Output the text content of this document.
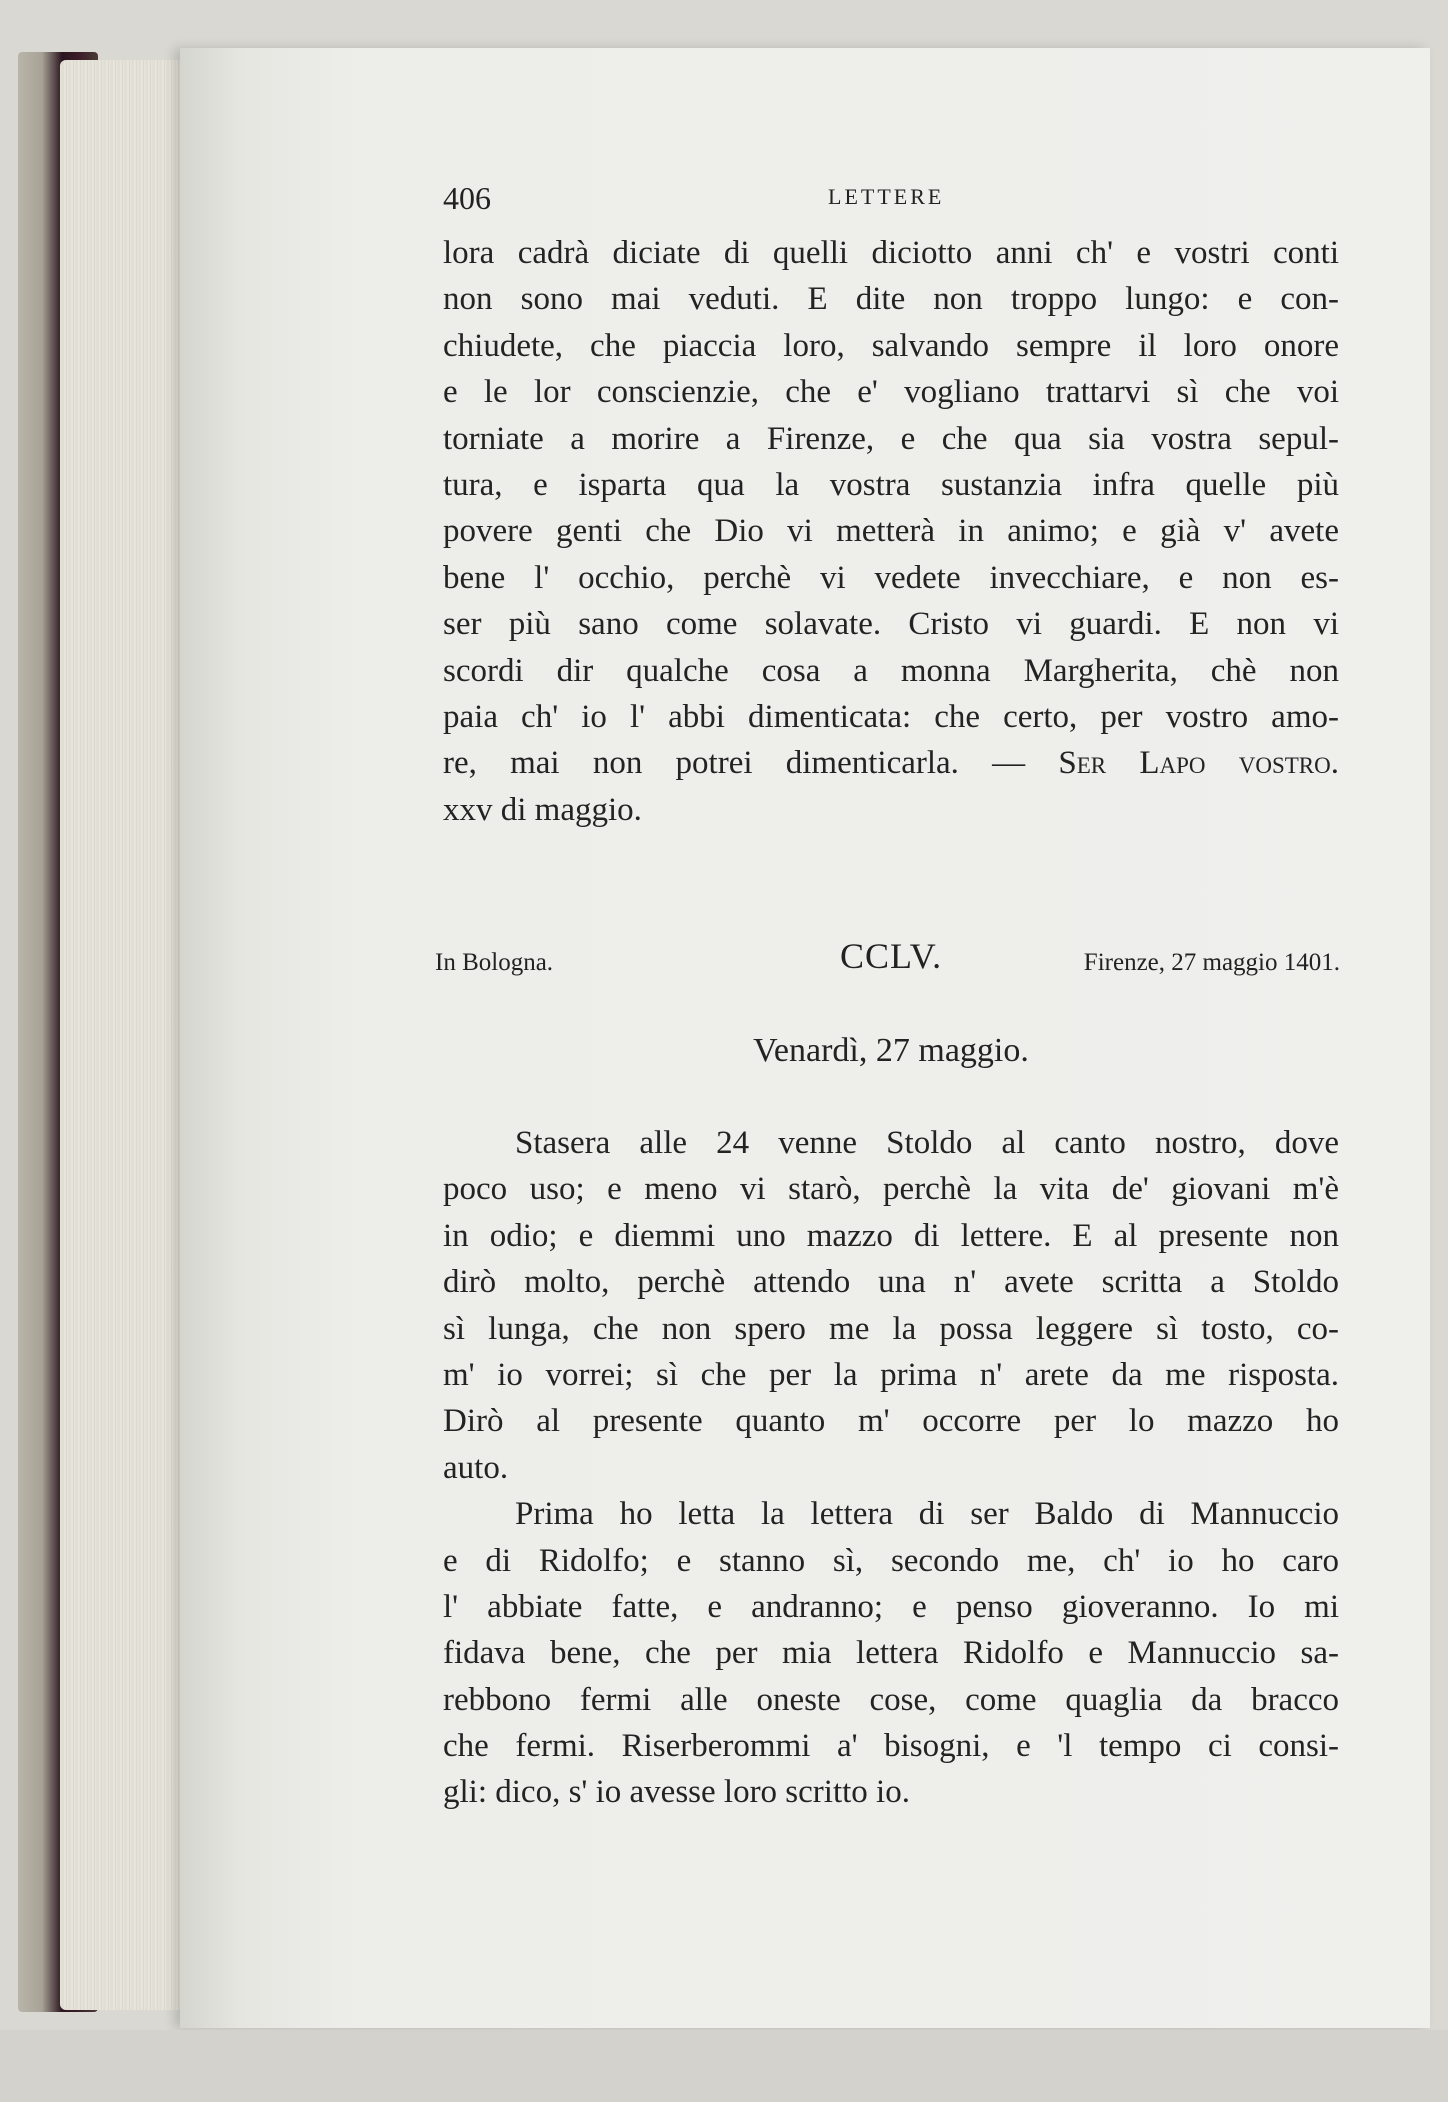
406	LETTERE
lora cadrà diciate di quelli diciotto anni ch' e vostri conti
non sono mai veduti. E dite non troppo lungo: e con-
chiudete, che piaccia loro, salvando sempre il loro onore
e le lor conscienzie, che e' vogliano trattarvi sì che voi
torniate a morire a Firenze, e che qua sia vostra sepul-
tura, e isparta qua la vostra sustanzia infra quelle più
povere genti che Dio vi metterà in animo; e già v' avete
bene l' occhio, perchè vi vedete invecchiare, e non es-
ser più sano come solavate. Cristo vi guardi. E non vi
scordi dir qualche cosa a monna Margherita, chè non
paia ch' io l' abbi dimenticata: che certo, per vostro amo-
re, mai non potrei dimenticarla. — Ser Lapo vostro.
xxv di maggio.
In Bologna.	CCLV.	Firenze, 27 maggio 1401.
Venardì, 27 maggio.
Stasera alle 24 venne Stoldo al canto nostro, dove
poco uso; e meno vi starò, perchè la vita de' giovani m'è
in odio; e diemmi uno mazzo di lettere. E al presente non
dirò molto, perchè attendo una n' avete scritta a Stoldo
sì lunga, che non spero me la possa leggere sì tosto, co-
m' io vorrei; sì che per la prima n' arete da me risposta.
Dirò al presente quanto m' occorre per lo mazzo ho
auto.
Prima ho letta la lettera di ser Baldo di Mannuccio
e di Ridolfo; e stanno sì, secondo me, ch' io ho caro
l' abbiate fatte, e andranno; e penso gioveranno. Io mi
fidava bene, che per mia lettera Ridolfo e Mannuccio sa-
rebbono fermi alle oneste cose, come quaglia da bracco
che fermi. Riserberommi a' bisogni, e 'l tempo ci consi-
gli: dico, s' io avesse loro scritto io.
